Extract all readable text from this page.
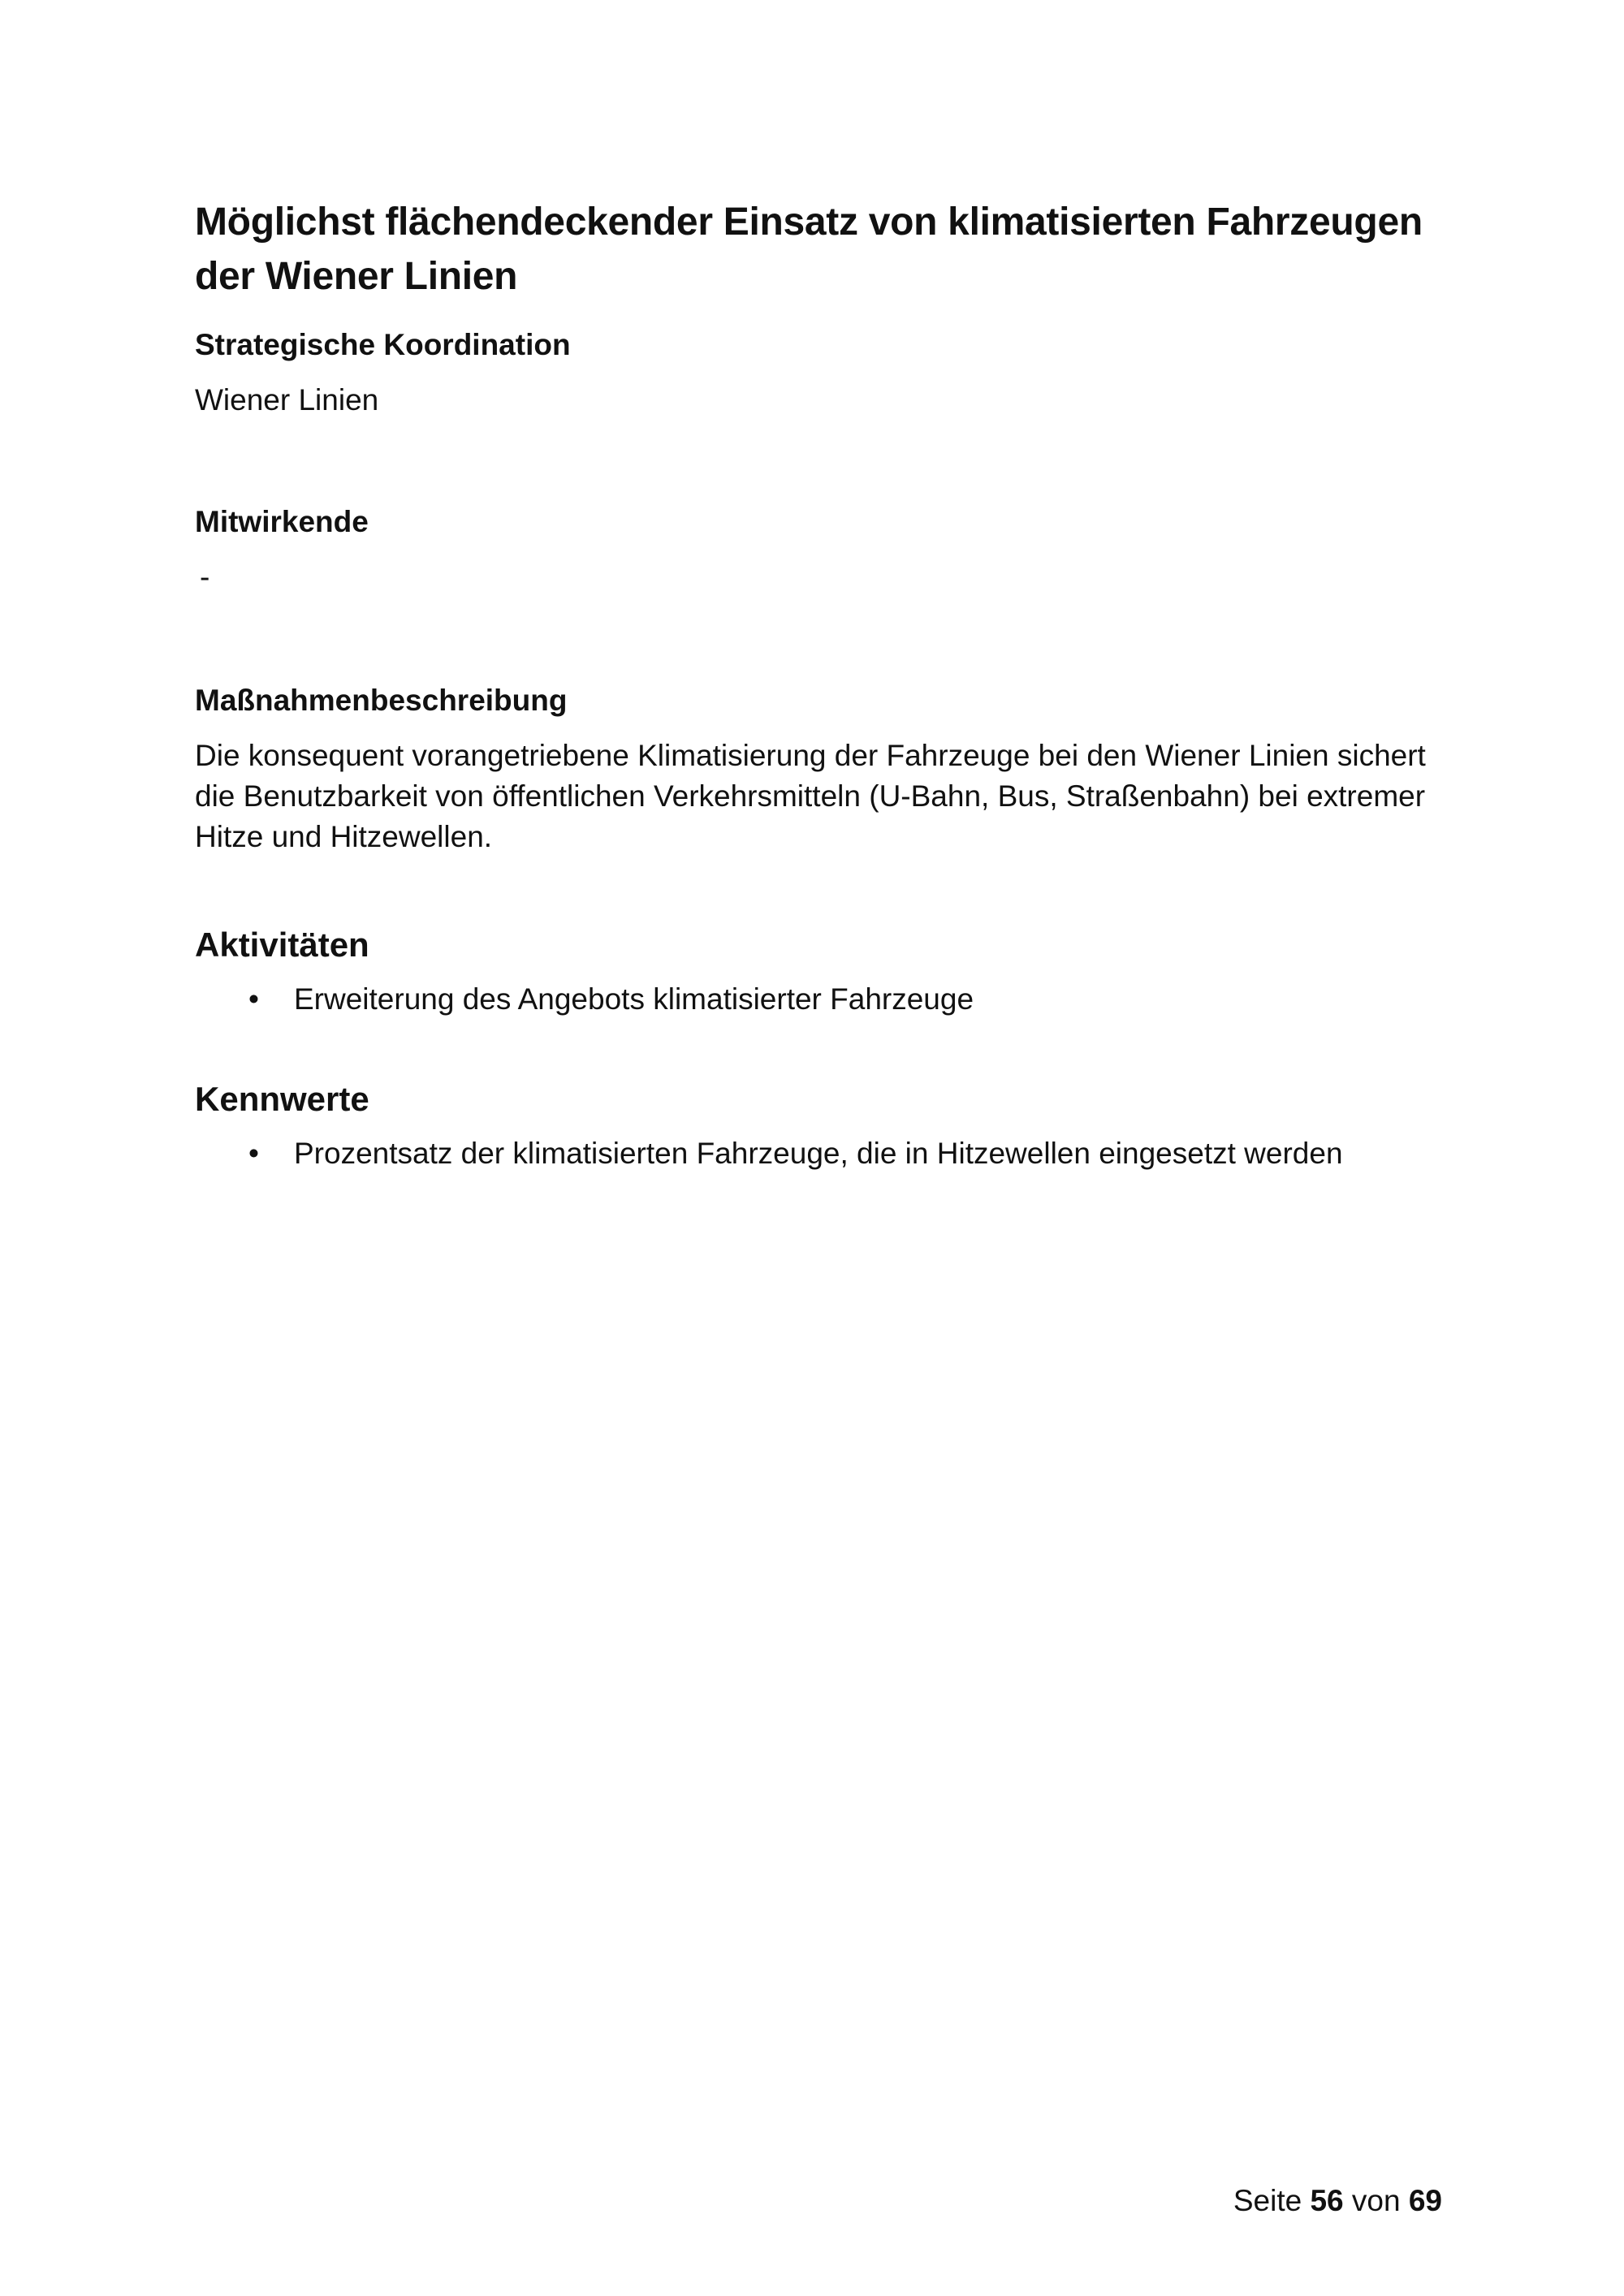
Möglichst flächendeckender Einsatz von klimatisierten Fahrzeugen der Wiener Linien
Strategische Koordination
Wiener Linien
Mitwirkende
-
Maßnahmenbeschreibung

Die konsequent vorangetriebene Klimatisierung der Fahrzeuge bei den Wiener Linien sichert die Benutzbarkeit von öffentlichen Verkehrsmitteln (U-Bahn, Bus, Straßenbahn) bei extremer Hitze und Hitzewellen.

Aktivitäten
• Erweiterung des Angebots klimatisierter Fahrzeuge
Kennwerte
• Prozentsatz der klimatisierten Fahrzeuge, die in Hitzewellen eingesetzt werden
Seite 56 von 69
